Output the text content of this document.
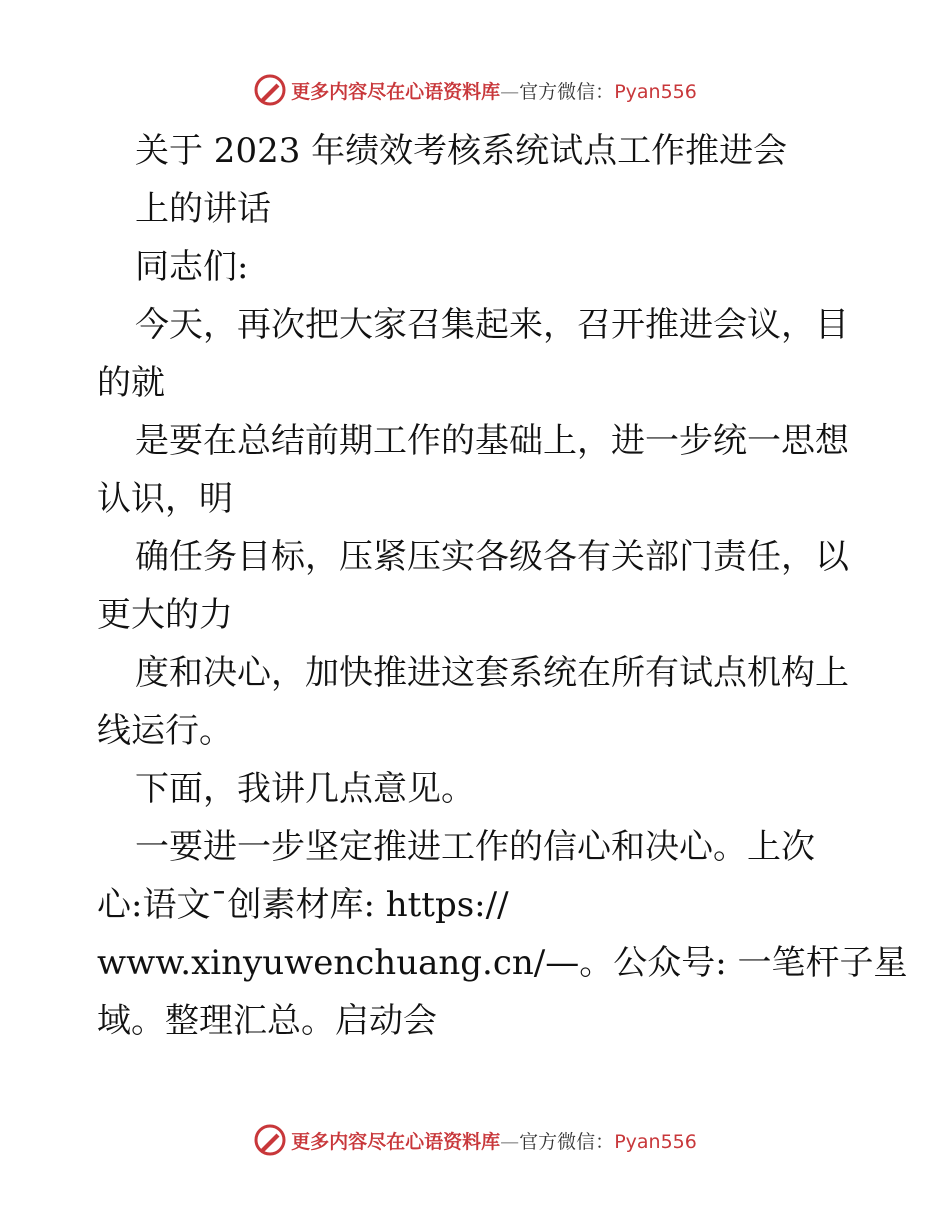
更多内容尽在心语资料库—官方微信：Pyan556
关于 2023 年绩效考核系统试点工作推进会
上的讲话
同志们:
今天，再次把大家召集起来，召开推进会议，目
的就
是要在总结前期工作的基础上，进一步统一思想
认识，明
确任务目标，压紧压实各级各有关部门责任，以
更大的力
度和决心，加快推进这套系统在所有试点机构上
线运行。
下面，我讲几点意见。
一要进一步坚定推进工作的信心和决心。上次
心:语文¯创素材库: https://
www.xinyuwenchuang.cn/—。公众号: 一笔杆子星
域。整理汇总。启动会
更多内容尽在心语资料库—官方微信：Pyan556
